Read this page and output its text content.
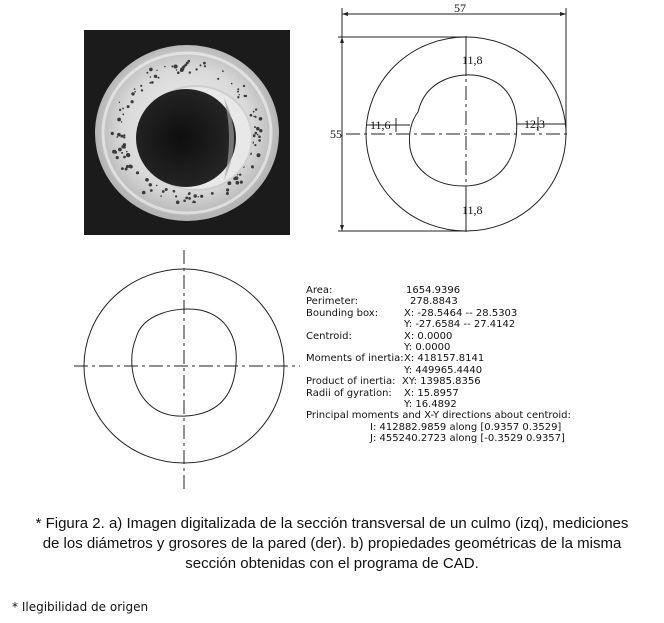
57
55
11,8
11,6	12,3
11,8
Area:	1654.9396
Perimeter:	278.8843
Bounding box:	X: -28.5464 -- 28.5303
Y: -27.6584 -- 27.4142
Centroid:	X: 0.0000
Y: 0.0000
Moments of inertia: X: 418157.8141
Y: 449965.4440
Product of inertia: XY: 13985.8356
Radii of gyration: X: 15.8957
Y: 16.4892
Principal moments and X-Y directions about centroid:
I: 412882.9859 along [0.9357 0.3529]
J: 455240.2723 along [-0.3529 0.9357]
* Figura 2. a) Imagen digitalizada de la sección transversal de un culmo (izq), mediciones
de los diámetros y grosores de la pared (der). b) propiedades geométricas de la misma
sección obtenidas con el programa de CAD.
* Ilegibilidad de origen
